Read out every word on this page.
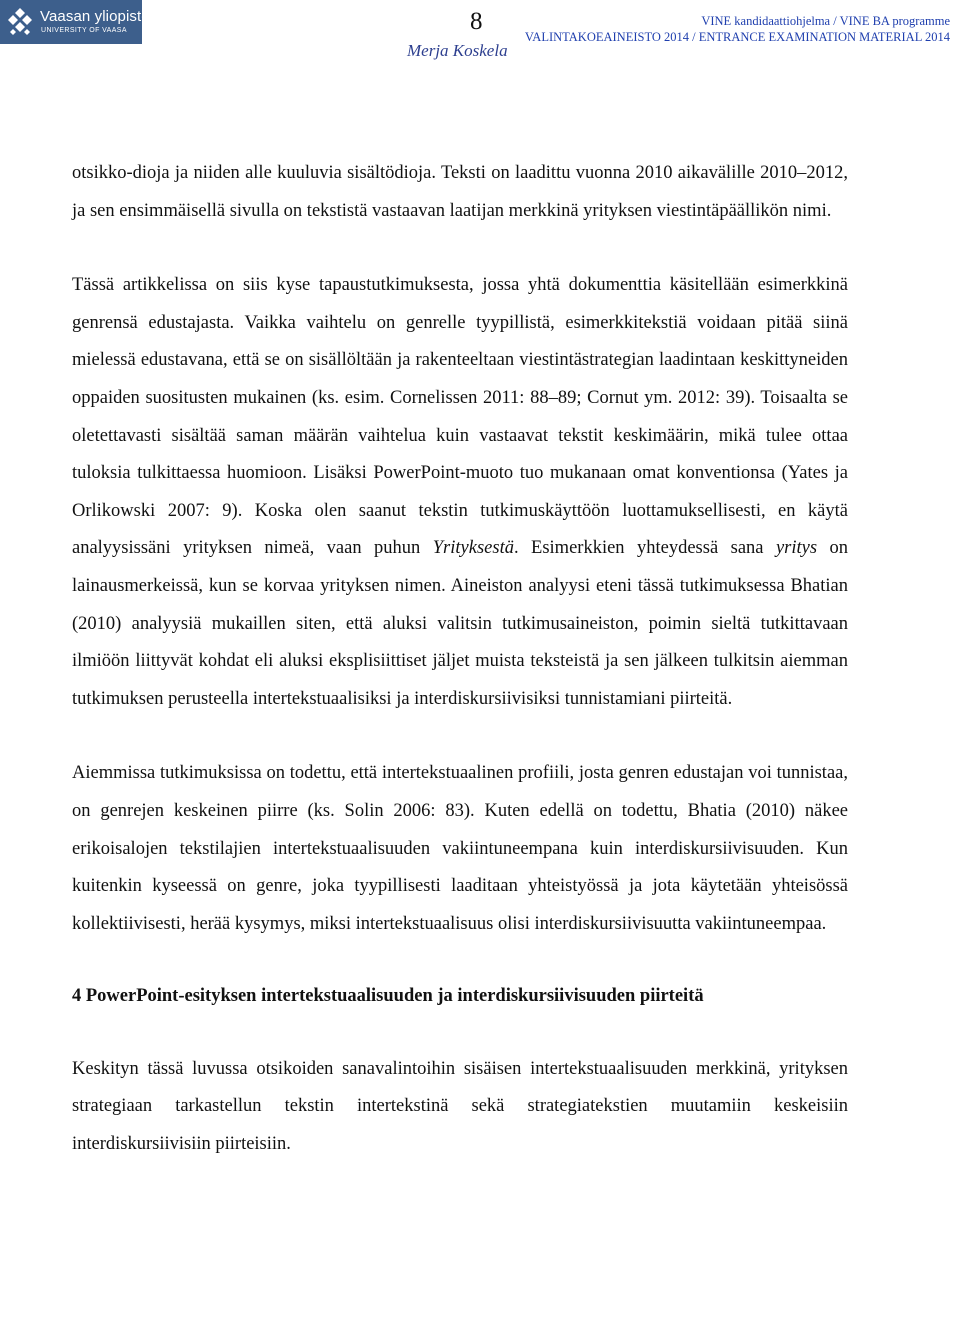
Vaasan yliopisto
UNIVERSITY OF VAASA	8
Merja Koskela
VINE kandidaattiohjelma / VINE BA programme
VALINTAKOEAINEISTO 2014 / ENTRANCE EXAMINATION MATERIAL 2014

otsikko-dioja ja niiden alle kuuluvia sisältödioja. Teksti on laadittu vuonna 2010 aikavälille 2010–2012, ja sen ensimmäisellä sivulla on tekstistä vastaavan laatijan merkkinä yrityksen viestintäpäällikön nimi.

Tässä artikkelissa on siis kyse tapaustutkimuksesta, jossa yhtä dokumenttia käsitellään esimerkkinä genrensä edustajasta. Vaikka vaihtelu on genrelle tyypillistä, esimerkkitekstiä voidaan pitää siinä mielessä edustavana, että se on sisällöltään ja rakenteeltaan viestintästrategian laadintaan keskittyneiden oppaiden suositusten mukainen (ks. esim. Cornelissen 2011: 88–89; Cornut ym. 2012: 39). Toisaalta se oletettavasti sisältää saman määrän vaihtelua kuin vastaavat tekstit keskimäärin, mikä tulee ottaa tuloksia tulkittaessa huomioon. Lisäksi PowerPoint-muoto tuo mukanaan omat konventionsa (Yates ja Orlikowski 2007: 9). Koska olen saanut tekstin tutkimuskäyttöön luottamuksellisesti, en käytä analyysissäni yrityksen nimeä, vaan puhun Yrityksestä. Esimerkkien yhteydessä sana yritys on lainausmerkeissä, kun se korvaa yrityksen nimen. Aineiston analyysi eteni tässä tutkimuksessa Bhatian (2010) analyysiä mukaillen siten, että aluksi valitsin tutkimusaineiston, poimin sieltä tutkittavaan ilmiöön liittyvät kohdat eli aluksi eksplisiittiset jäljet muista teksteistä ja sen jälkeen tulkitsin aiemman tutkimuksen perusteella intertekstuaalisiksi ja interdiskursiivisiksi tunnistamiani piirteitä.

Aiemmissa tutkimuksissa on todettu, että intertekstuaalinen profiili, josta genren edustajan voi tunnistaa, on genrejen keskeinen piirre (ks. Solin 2006: 83). Kuten edellä on todettu, Bhatia (2010) näkee erikoisalojen tekstilajien intertekstuaalisuuden vakiintuneempana kuin interdiskursiivisuuden. Kun kuitenkin kyseessä on genre, joka tyypillisesti laaditaan yhteistyössä ja jota käytetään yhteisössä kollektiivisesti, herää kysymys, miksi intertekstuaalisuus olisi interdiskursiivisuutta vakiintuneempaa.

4 PowerPoint-esityksen intertekstuaalisuuden ja interdiskursiivisuuden piirteitä

Keskityn tässä luvussa otsikoiden sanavalintoihin sisäisen intertekstuaalisuuden merkkinä, yrityksen strategiaan tarkastellun tekstin intertekstinä sekä strategiatekstien muutamiin keskeisiin interdiskursiivisiin piirteisiin.
